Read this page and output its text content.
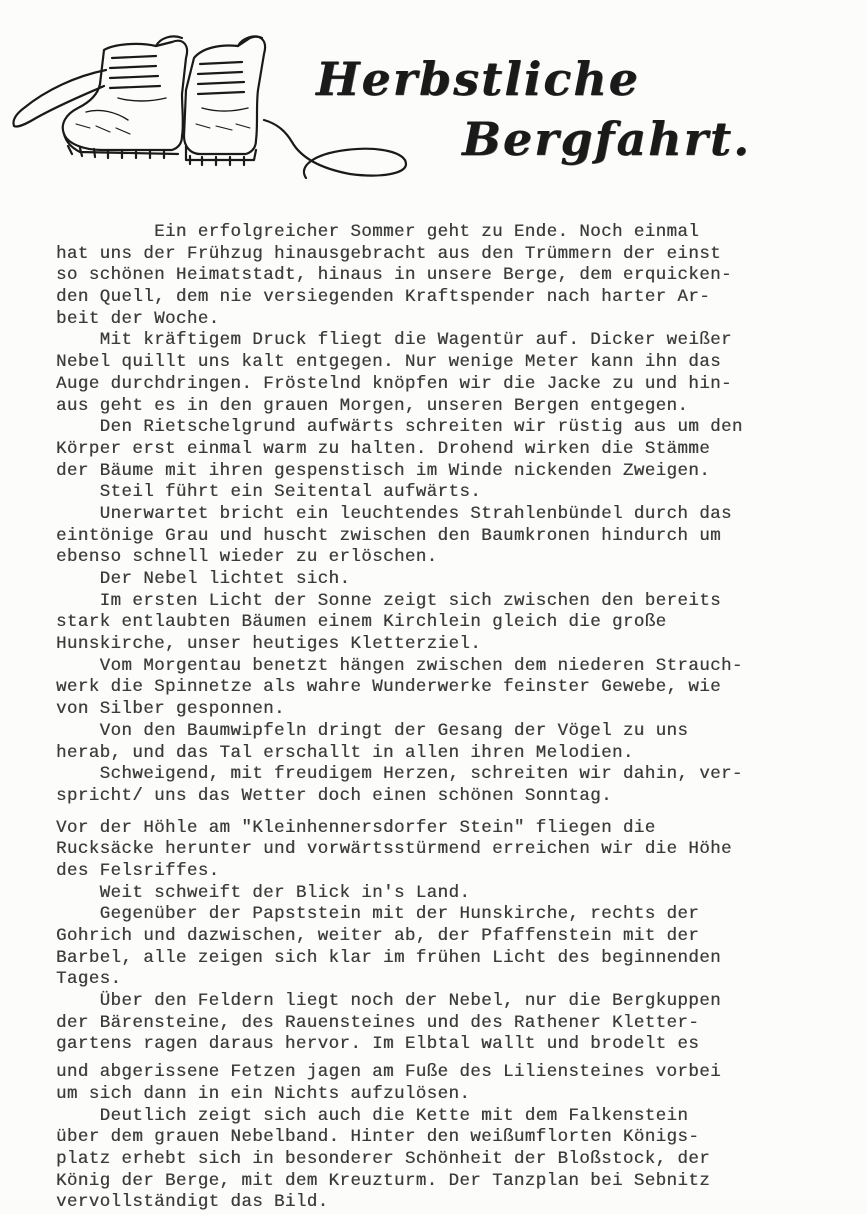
Herbstliche
Bergfahrt.
Ein erfolgreicher Sommer geht zu Ende. Noch einmal
hat uns der Frühzug hinausgebracht aus den Trümmern der einst
so schönen Heimatstadt, hinaus in unsere Berge, dem erquicken-
den Quell, dem nie versiegenden Kraftspender nach harter Ar-
beit der Woche.
Mit kräftigem Druck fliegt die Wagentür auf. Dicker weißer
Nebel quillt uns kalt entgegen. Nur wenige Meter kann ihn das
Auge durchdringen. Fröstelnd knöpfen wir die Jacke zu und hin-
aus geht es in den grauen Morgen, unseren Bergen entgegen.
Den Rietschelgrund aufwärts schreiten wir rüstig aus um den
Körper erst einmal warm zu halten. Drohend wirken die Stämme
der Bäume mit ihren gespenstisch im Winde nickenden Zweigen.
Steil führt ein Seitental aufwärts.
Unerwartet bricht ein leuchtendes Strahlenbündel durch das
eintönige Grau und huscht zwischen den Baumkronen hindurch um
ebenso schnell wieder zu erlöschen.
Der Nebel lichtet sich.
Im ersten Licht der Sonne zeigt sich zwischen den bereits
stark entlaubten Bäumen einem Kirchlein gleich die große
Hunskirche, unser heutiges Kletterziel.
Vom Morgentau benetzt hängen zwischen dem niederen Strauch-
werk die Spinnetze als wahre Wunderwerke feinster Gewebe, wie
von Silber gesponnen.
Von den Baumwipfeln dringt der Gesang der Vögel zu uns
herab, und das Tal erschallt in allen ihren Melodien.
Schweigend, mit freudigem Herzen, schreiten wir dahin, ver-
spricht/ uns das Wetter doch einen schönen Sonntag.
Vor der Höhle am "Kleinhennersdorfer Stein" fliegen die
Rucksäcke herunter und vorwärtsstürmend erreichen wir die Höhe
des Felsriffes.
Weit schweift der Blick in's Land.
Gegenüber der Papststein mit der Hunskirche, rechts der
Gohrich und dazwischen, weiter ab, der Pfaffenstein mit der
Barbel, alle zeigen sich klar im frühen Licht des beginnenden
Tages.
Über den Feldern liegt noch der Nebel, nur die Bergkuppen
der Bärensteine, des Rauensteines und des Rathener Kletter-
gartens ragen daraus hervor. Im Elbtal wallt und brodelt es
und abgerissene Fetzen jagen am Fuße des Liliensteines vorbei
um sich dann in ein Nichts aufzulösen.
Deutlich zeigt sich auch die Kette mit dem Falkenstein
über dem grauen Nebelband. Hinter den weißumflorten Königs-
platz erhebt sich in besonderer Schönheit der Bloßstock, der
König der Berge, mit dem Kreuzturm. Der Tanzplan bei Sebnitz
vervollständigt das Bild.
